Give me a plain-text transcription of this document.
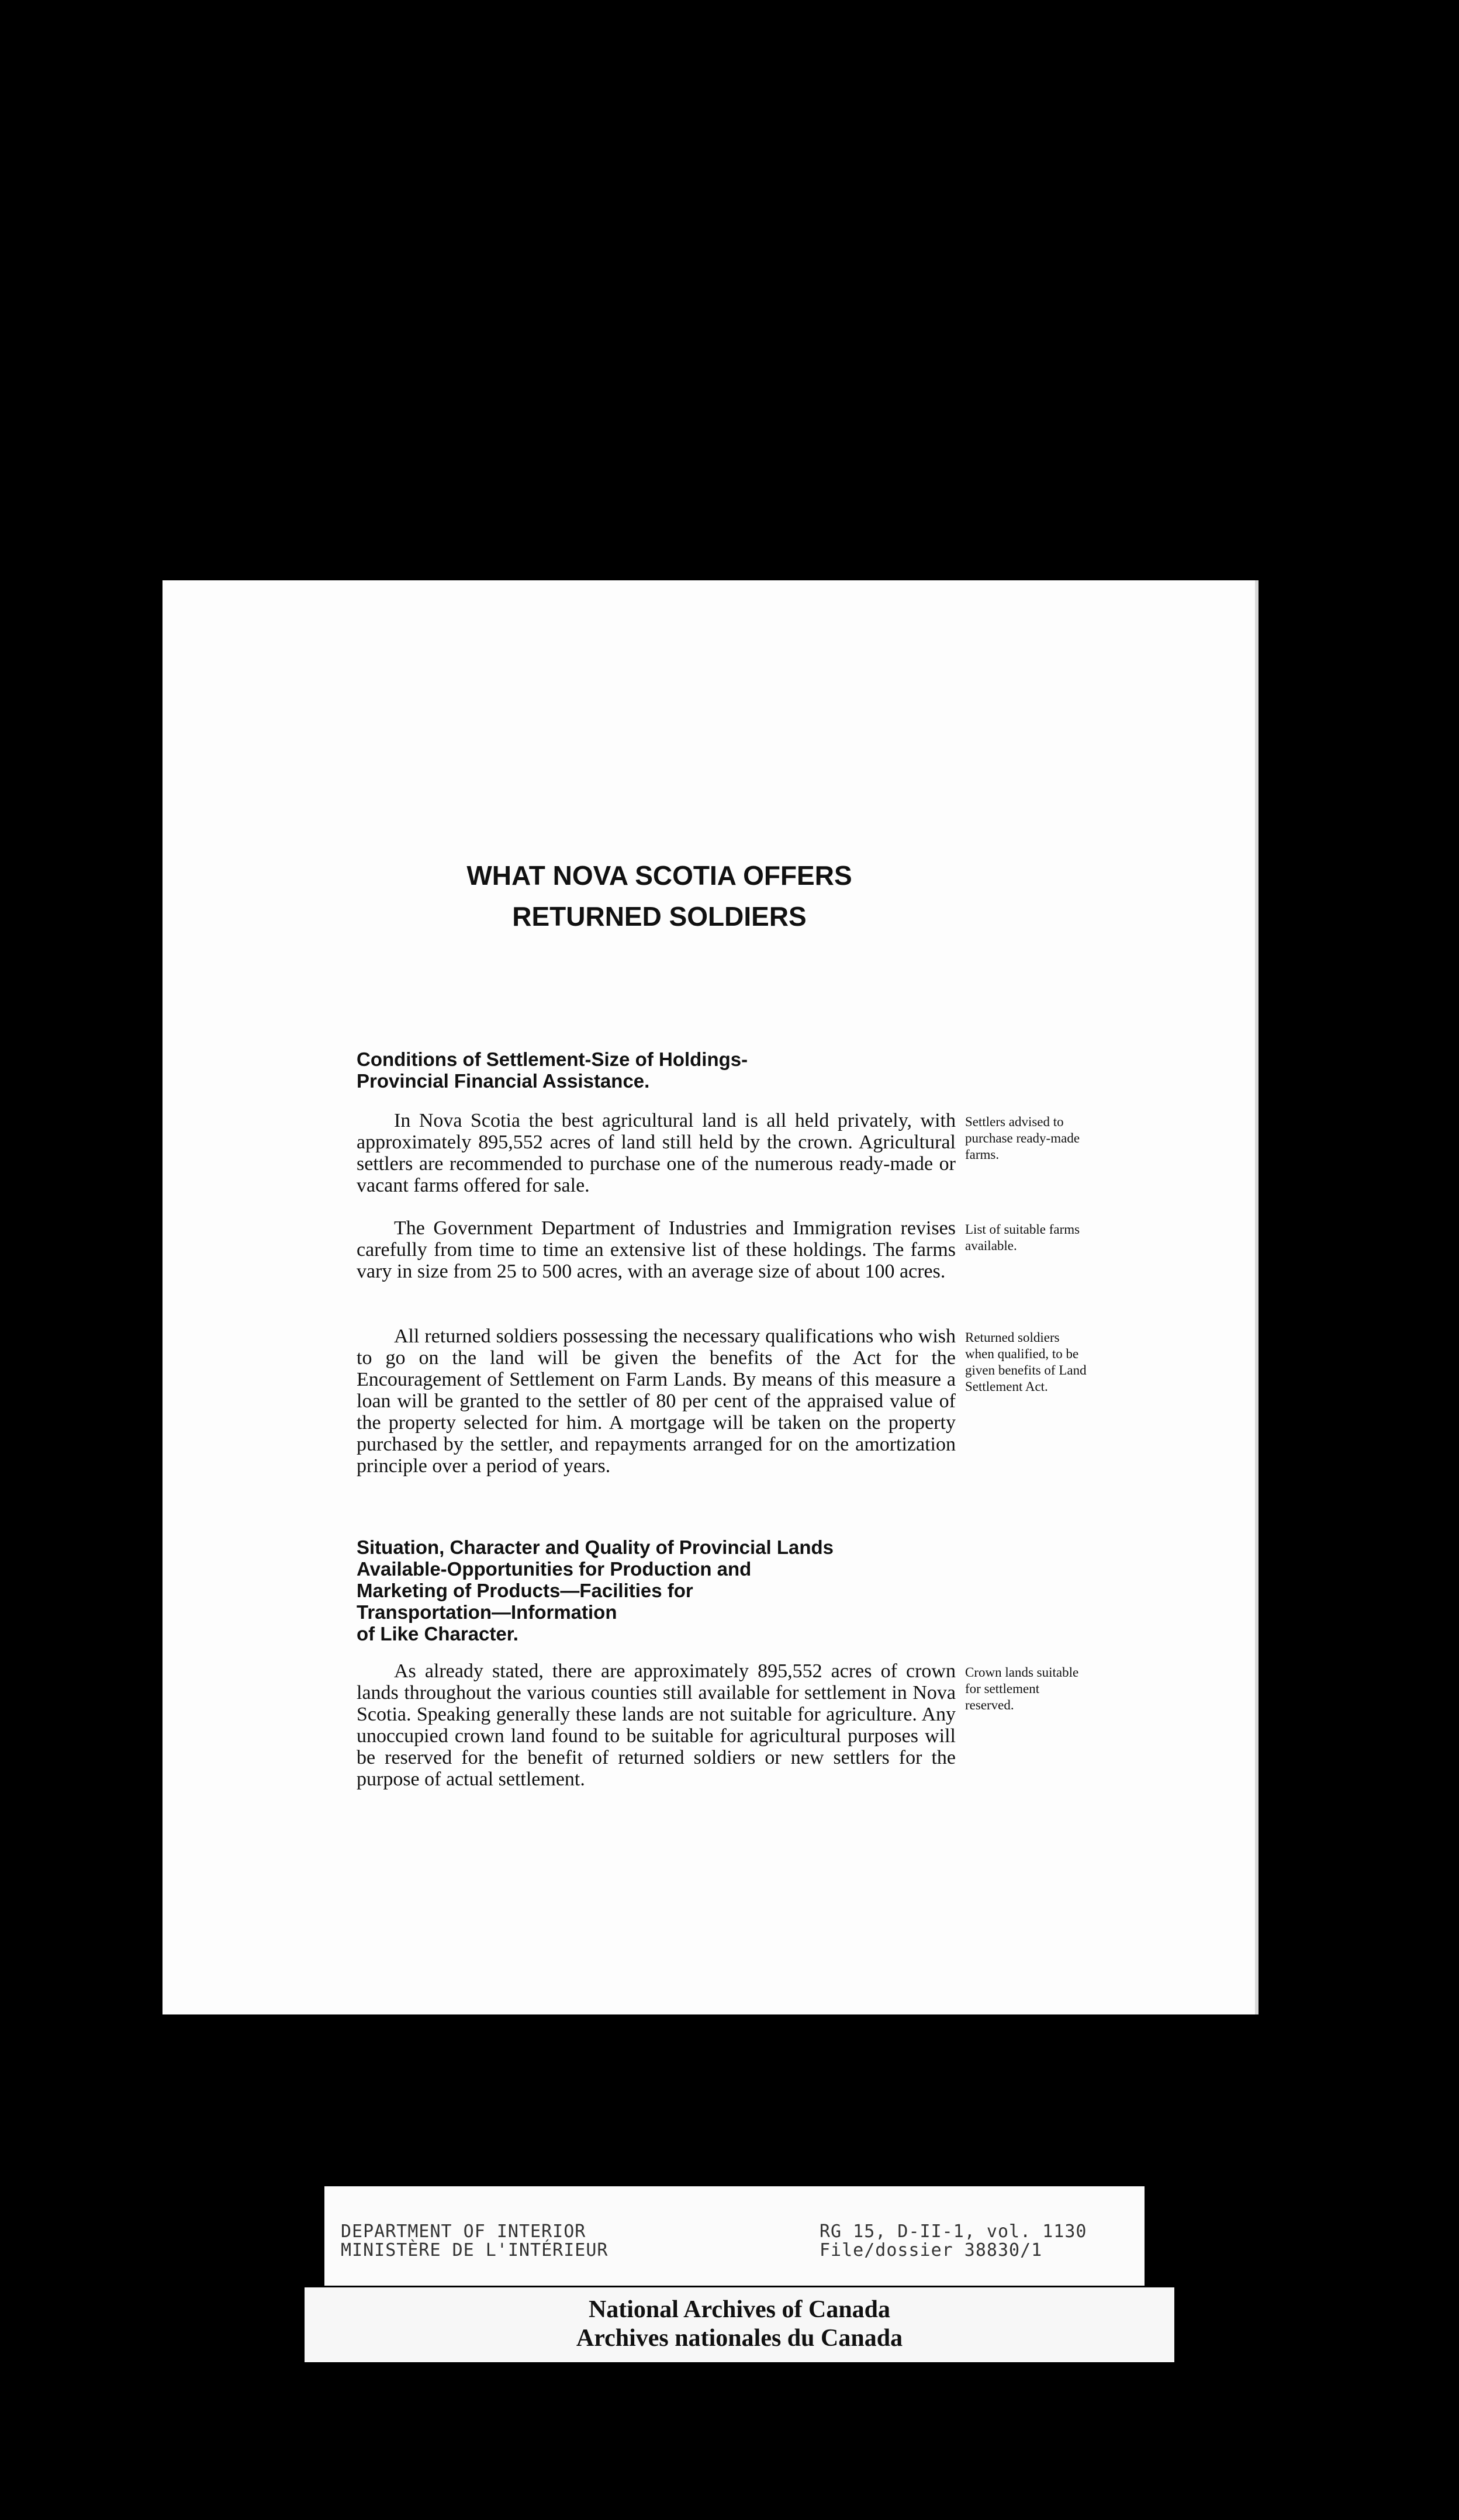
WHAT NOVA SCOTIA OFFERS
RETURNED SOLDIERS
Conditions of Settlement-Size of Holdings-
Provincial Financial Assistance.
In Nova Scotia the best agricultural land is all held privately, with approximately 895,552 acres of land still held by the crown. Agricultural settlers are recommended to purchase one of the numerous ready-made or vacant farms offered for sale.
Settlers advised to purchase ready-made farms.
The Government Department of Industries and Immigration revises carefully from time to time an extensive list of these holdings. The farms vary in size from 25 to 500 acres, with an average size of about 100 acres.
List of suitable farms available.
All returned soldiers possessing the necessary qualifications who wish to go on the land will be given the benefits of the Act for the Encouragement of Settlement on Farm Lands. By means of this measure a loan will be granted to the settler of 80 per cent of the appraised value of the property selected for him. A mortgage will be taken on the property purchased by the settler, and repayments arranged for on the amortization principle over a period of years.
Returned soldiers when qualified, to be given benefits of Land Settlement Act.
Situation, Character and Quality of Provincial Lands
Available-Opportunities for Production and
Marketing of Products—Facilities for
Transportation—Information
of Like Character.
As already stated, there are approximately 895,552 acres of crown lands throughout the various counties still available for settlement in Nova Scotia. Speaking generally these lands are not suitable for agriculture. Any unoccupied crown land found to be suitable for agricultural purposes will be reserved for the benefit of returned soldiers or new settlers for the purpose of actual settlement.
Crown lands suitable for settlement reserved.
DEPARTMENT OF INTERIOR
MINISTÈRE DE L'INTÉRIEUR
RG 15, D-II-1, vol. 1130
File/dossier 38830/1
National Archives of Canada
Archives nationales du Canada
